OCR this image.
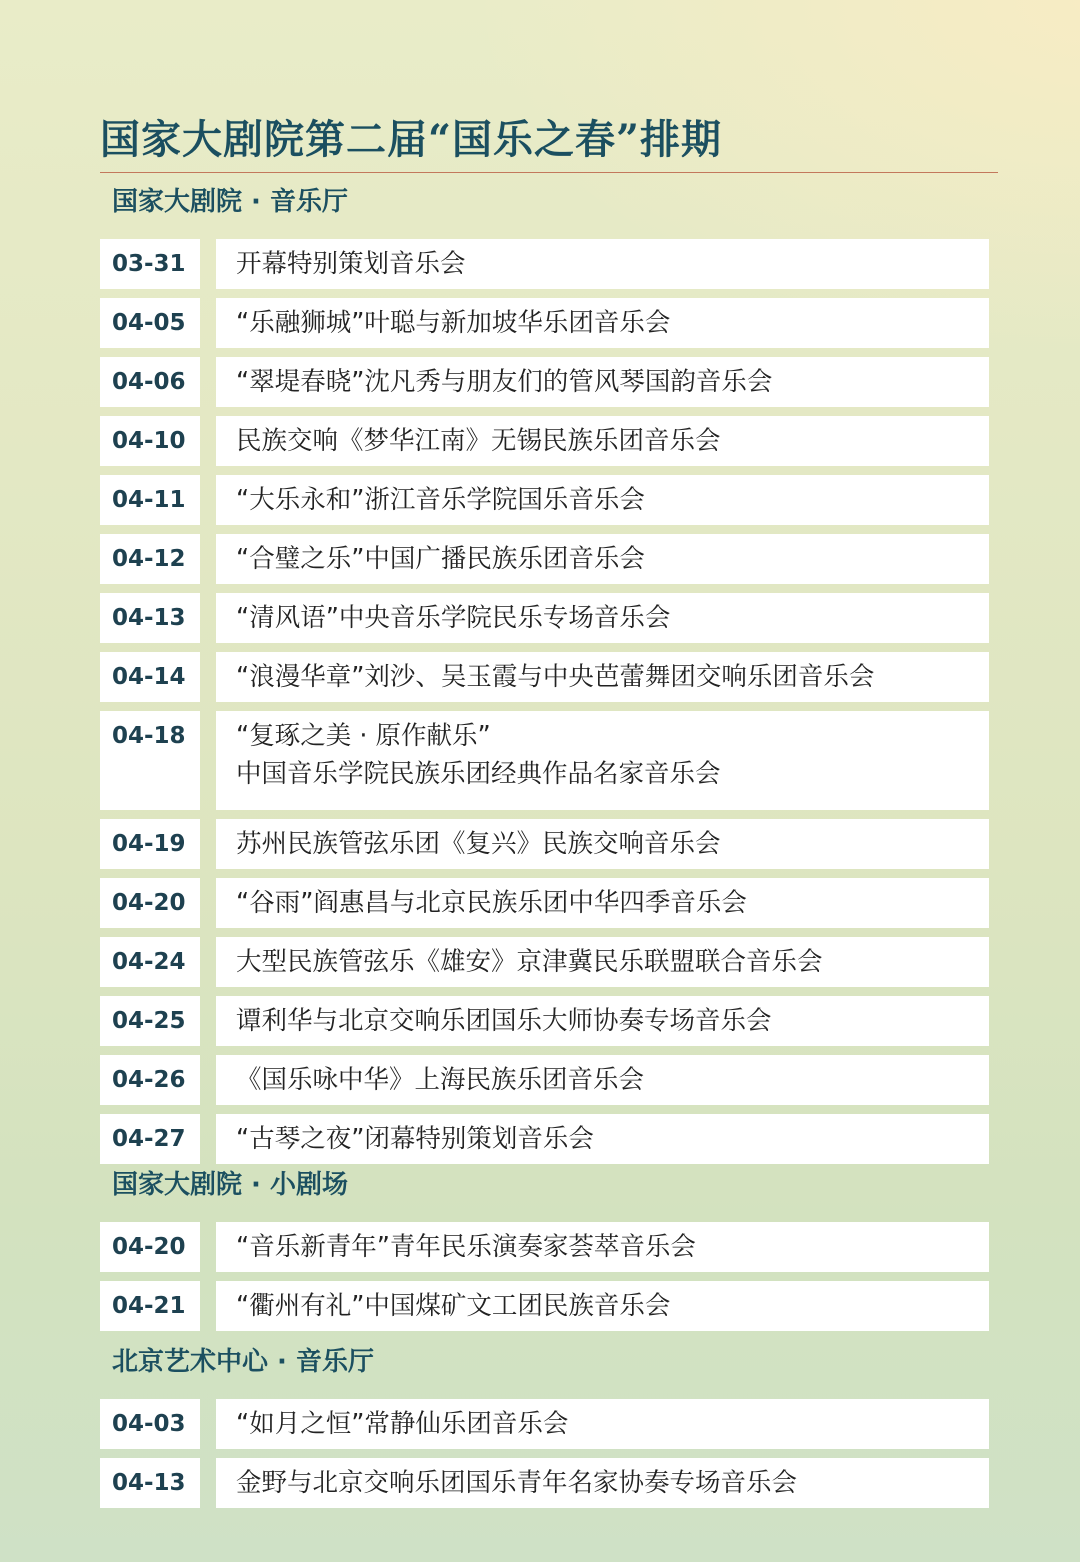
国家大剧院第二届“国乐之春”排期
国家大剧院 · 音乐厅
03-31	开幕特别策划音乐会
04-05	“乐融狮城”叶聪与新加坡华乐团音乐会
04-06	“翠堤春晓”沈凡秀与朋友们的管风琴国韵音乐会
04-10	民族交响《梦华江南》无锡民族乐团音乐会
04-11	“大乐永和”浙江音乐学院国乐音乐会
04-12	“合璧之乐”中国广播民族乐团音乐会
04-13	“清风语”中央音乐学院民乐专场音乐会
04-14	“浪漫华章”刘沙、吴玉霞与中央芭蕾舞团交响乐团音乐会
04-18	“复琢之美 · 原作献乐”
中国音乐学院民族乐团经典作品名家音乐会
04-19	苏州民族管弦乐团《复兴》民族交响音乐会
04-20	“谷雨”阎惠昌与北京民族乐团中华四季音乐会
04-24	大型民族管弦乐《雄安》京津冀民乐联盟联合音乐会
04-25	谭利华与北京交响乐团国乐大师协奏专场音乐会
04-26	《国乐咏中华》上海民族乐团音乐会
04-27	“古琴之夜”闭幕特别策划音乐会
国家大剧院 · 小剧场
04-20	“音乐新青年”青年民乐演奏家荟萃音乐会
04-21	“衢州有礼”中国煤矿文工团民族音乐会
北京艺术中心 · 音乐厅
04-03	“如月之恒”常静仙乐团音乐会
04-13	金野与北京交响乐团国乐青年名家协奏专场音乐会
